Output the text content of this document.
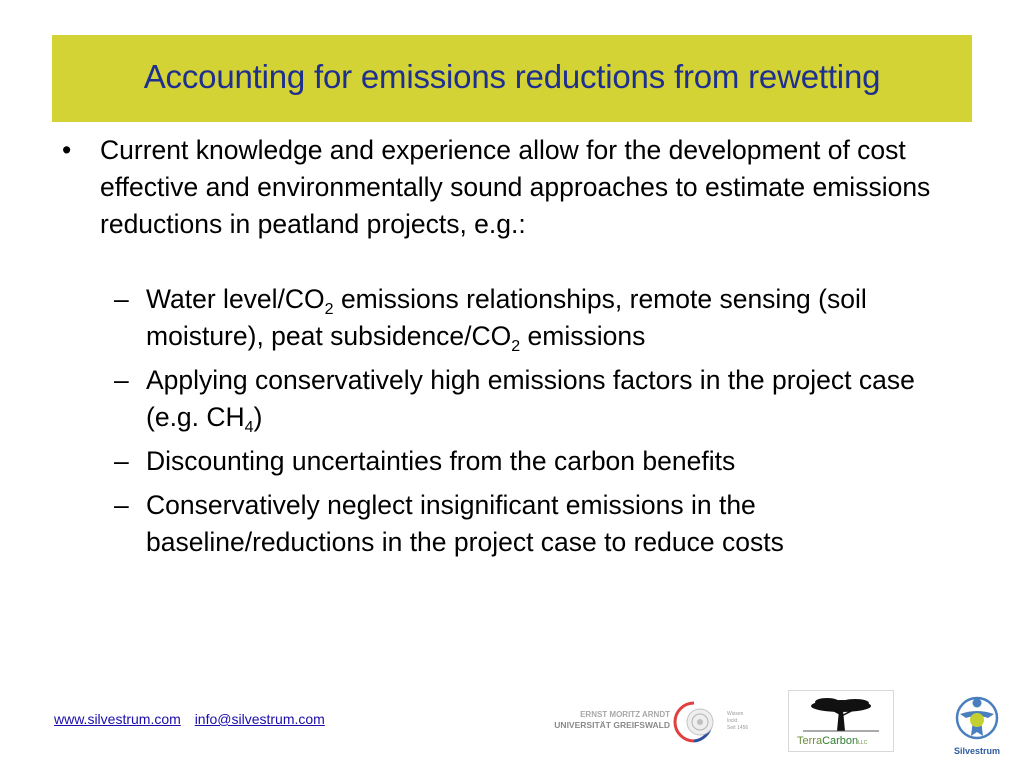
Accounting for emissions reductions from rewetting
• Current knowledge and experience allow for the development of cost effective and environmentally sound approaches to estimate emissions reductions in peatland projects, e.g.:
– Water level/$CO_2$ emissions relationships, remote sensing (soil moisture), peat subsidence/$CO_2$ emissions
– Applying conservatively high emissions factors in the project case (e.g. $CH_4$)
– Discounting uncertainties from the carbon benefits
– Conservatively neglect insignificant emissions in the baseline/reductions in the project case to reduce costs
www.silvestrum.com info@silvestrum.com	ERNST MORITZ ARNDT
UNIVERSITÄT GREIFSWALD
Wissen
lockt.
Seit 1456
TerraCarbonLLC
Silvestrum
